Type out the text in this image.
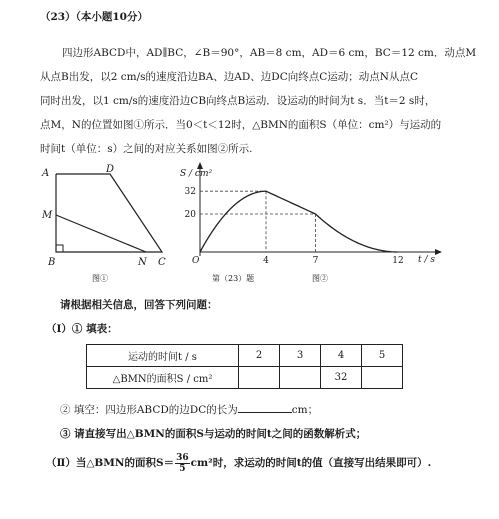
（23）（本小题10分）
四边形ABCD中，AD∥BC，∠B＝90°，AB＝8 cm，AD＝6 cm，BC＝12 cm．动点M
从点B出发，以2 cm/s的速度沿边BA、边AD、边DC向终点C运动；动点N从点C
同时出发，以1 cm/s的速度沿边CB向终点B运动．设运动的时间为t s．当t＝2 s时，
点M，N的位置如图①所示．当0＜t＜12时，△BMN的面积S（单位：cm²）与运动的
时间t（单位：s）之间的对应关系如图②所示.
A	D
M
B	N C
图①
20
32
4	7	12
S / cm²
t / s
O
图②
第（23）题
请根据相关信息，回答下列问题：
（Ⅰ）① 填表：
运动的时间t / s	2	3	4	5
△BMN的面积S / cm²			32	
② 填空：四边形ABCD的边DC的长为	cm；
③ 请直接写出△BMN的面积S与运动的时间t之间的函数解析式；
（Ⅱ）当△BMN的面积$S= \frac{36}{5} cm^2$时，求运动的时间t的值（直接写出结果即可）.
